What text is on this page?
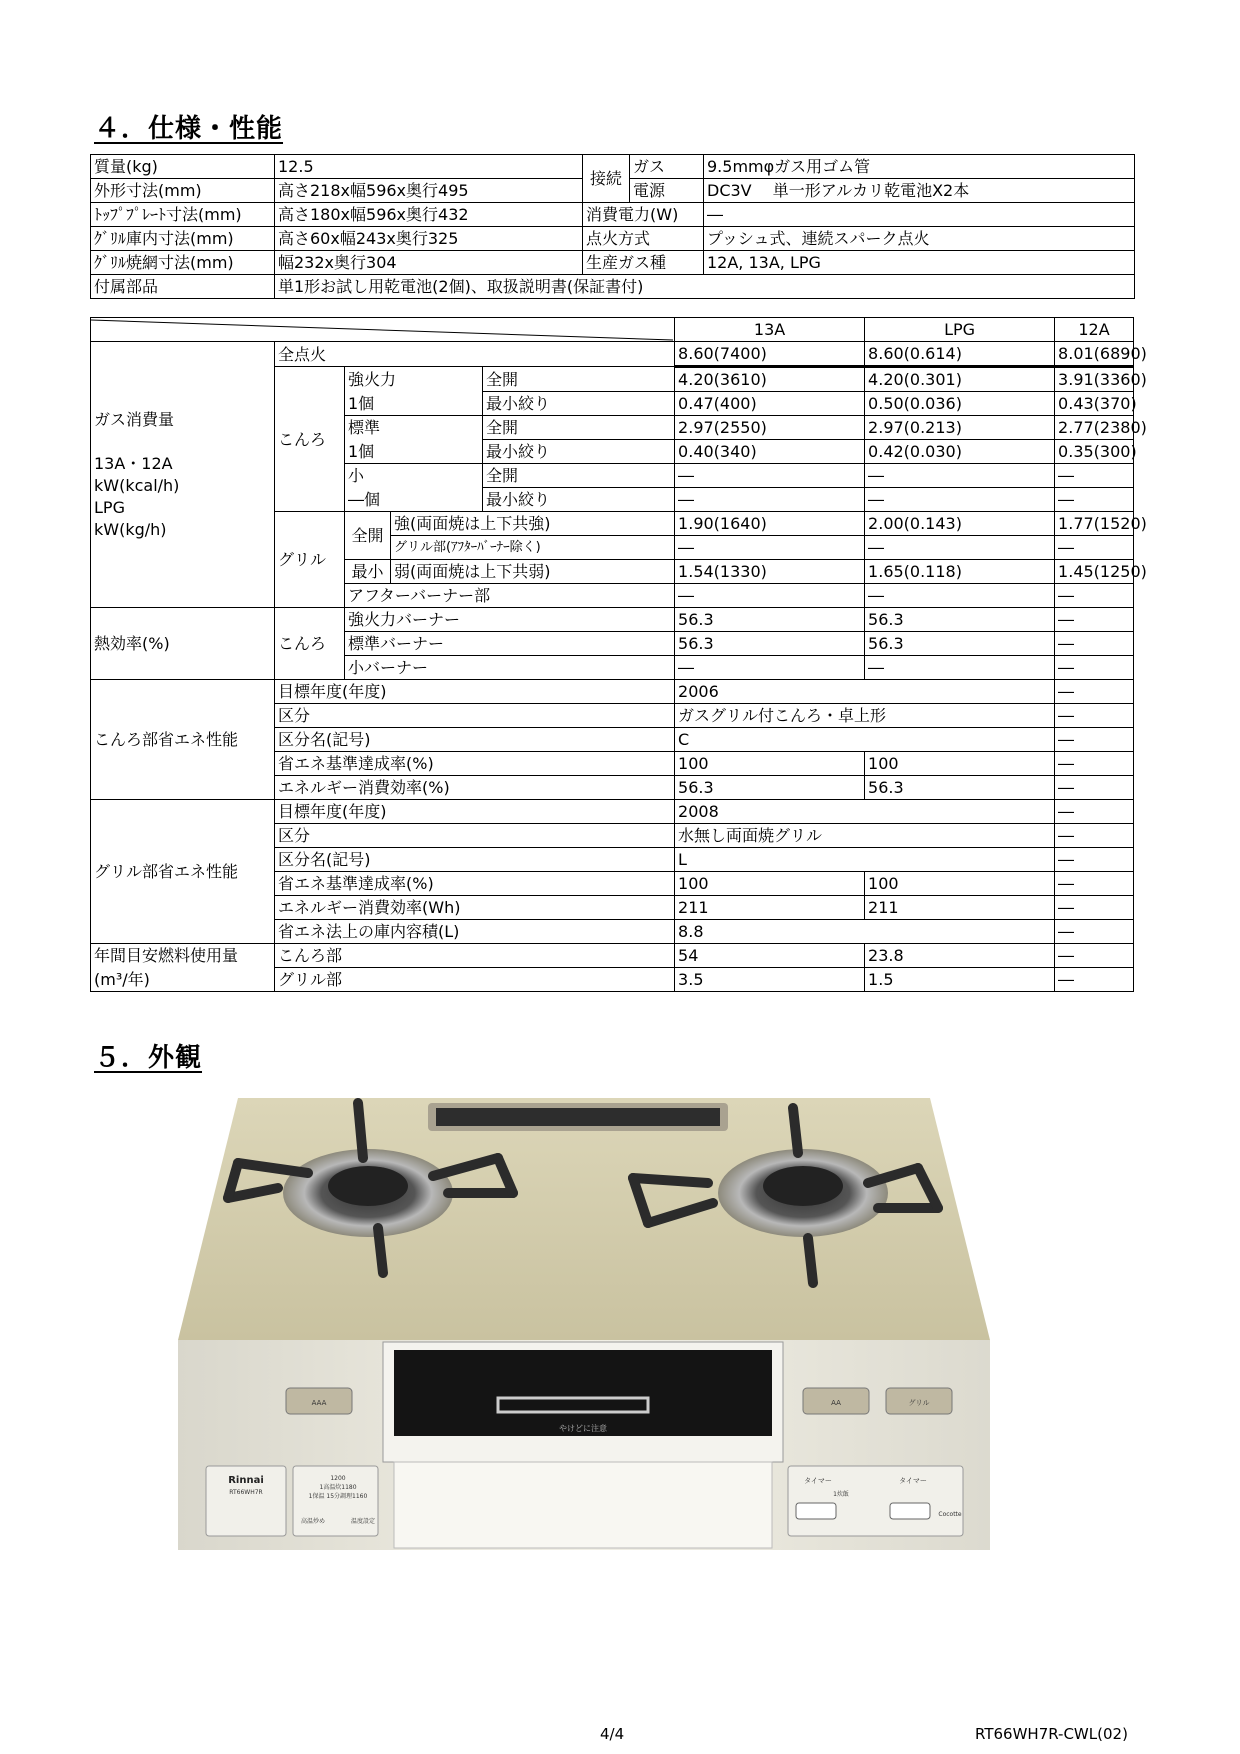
４．仕様・性能
質量(kg)	12.5	接続	ガス	9.5mmφガス用ゴム管
外形寸法(mm)	高さ218x幅596x奥行495		電源	DC3V　 単一形アルカリ乾電池X2本
ﾄｯﾌﾟﾌﾟﾚｰﾄ寸法(mm)	高さ180x幅596x奥行432	消費電力(W)		―
ｸﾞﾘﾙ庫内寸法(mm)	高さ60x幅243x奥行325	点火方式		プッシュ式、連続スパーク点火
ｸﾞﾘﾙ焼網寸法(mm)	幅232x奥行304	生産ガス種		12A, 13A, LPG
付属部品	単1形お試し用乾電池(2個)、取扱説明書(保証書付)			
	13A	LPG	12A

ガス消費量
13A・12A
kW(kcal/h)
LPG
kW(kg/h)	全点火				8.60(7400)	8.60(0.614)	8.01(6890)
	こんろ	強火力		全開	4.20(3610)	4.20(0.301)	3.91(3360)
		1個		最小絞り	0.47(400)	0.50(0.036)	0.43(370)
		標準		全開	2.97(2550)	2.97(0.213)	2.77(2380)
		1個		最小絞り	0.40(340)	0.42(0.030)	0.35(300)
		小		全開	―	―	―
		―個		最小絞り	―	―	―
	グリル	全開	強(両面焼は上下共強)		1.90(1640)	2.00(0.143)	1.77(1520)
			グリル部(ｱﾌﾀｰﾊﾞｰﾅｰ除く)		―	―	―
		最小	弱(両面焼は上下共弱)		1.54(1330)	1.65(0.118)	1.45(1250)
		アフターバーナー部			―	―	―
熱効率(%)	こんろ	強火力バーナー			56.3	56.3	―
		標準バーナー			56.3	56.3	―
		小バーナー			―	―	―
こんろ部省エネ性能	目標年度(年度)				2006		―
	区分				ガスグリル付こんろ・卓上形		―
	区分名(記号)				C		―
	省エネ基準達成率(%)				100	100	―
	エネルギー消費効率(%)				56.3	56.3	―
グリル部省エネ性能	目標年度(年度)				2008		―
	区分				水無し両面焼グリル		―
	区分名(記号)				L		―
	省エネ基準達成率(%)				100	100	―
	エネルギー消費効率(Wh)				211	211	―
	省エネ法上の庫内容積(L)				8.8		―
年間目安燃料使用量	こんろ部				54	23.8	―
(m³/年)	グリル部				3.5	1.5	―
５．外観
やけどに注意
AAA	AA	グリル
Rinnai
RT66WH7R
1200
1高温炊1180
1保温 15分調理1160
高温炒め	温度設定
タイマー	タイマー
1炊飯
Cocotte
4/4	RT66WH7R-CWL(02)
